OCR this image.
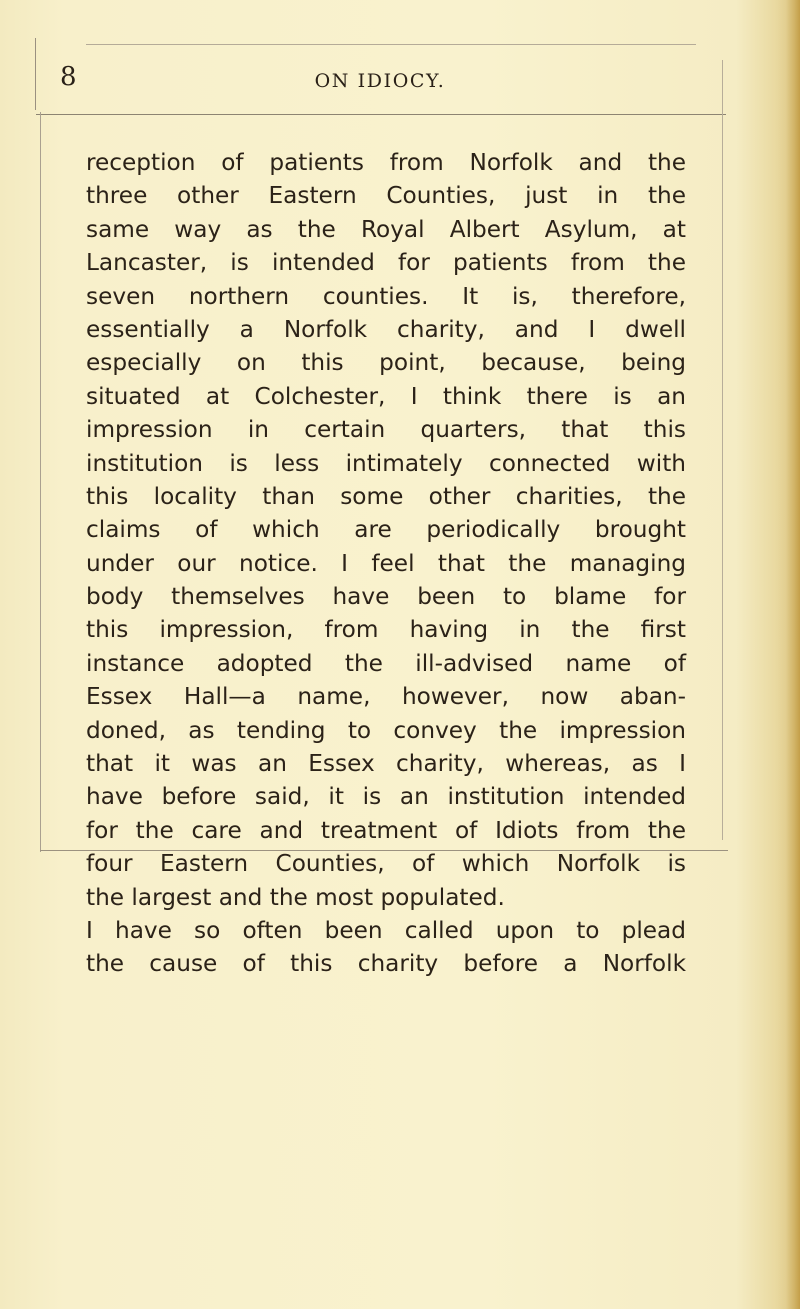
8	ON IDIOCY.
reception of patients from Norfolk and the
three other Eastern Counties, just in the
same way as the Royal Albert Asylum, at
Lancaster, is intended for patients from the
seven northern counties. It is, therefore,
essentially a Norfolk charity, and I dwell
especially on this point, because, being
situated at Colchester, I think there is an
impression in certain quarters, that this
institution is less intimately connected with
this locality than some other charities, the
claims of which are periodically brought
under our notice. I feel that the managing
body themselves have been to blame for
this impression, from having in the first
instance adopted the ill-advised name of
Essex Hall—a name, however, now aban-
doned, as tending to convey the impression
that it was an Essex charity, whereas, as I
have before said, it is an institution intended
for the care and treatment of Idiots from the
four Eastern Counties, of which Norfolk is
the largest and the most populated.
I have so often been called upon to plead
the cause of this charity before a Norfolk
